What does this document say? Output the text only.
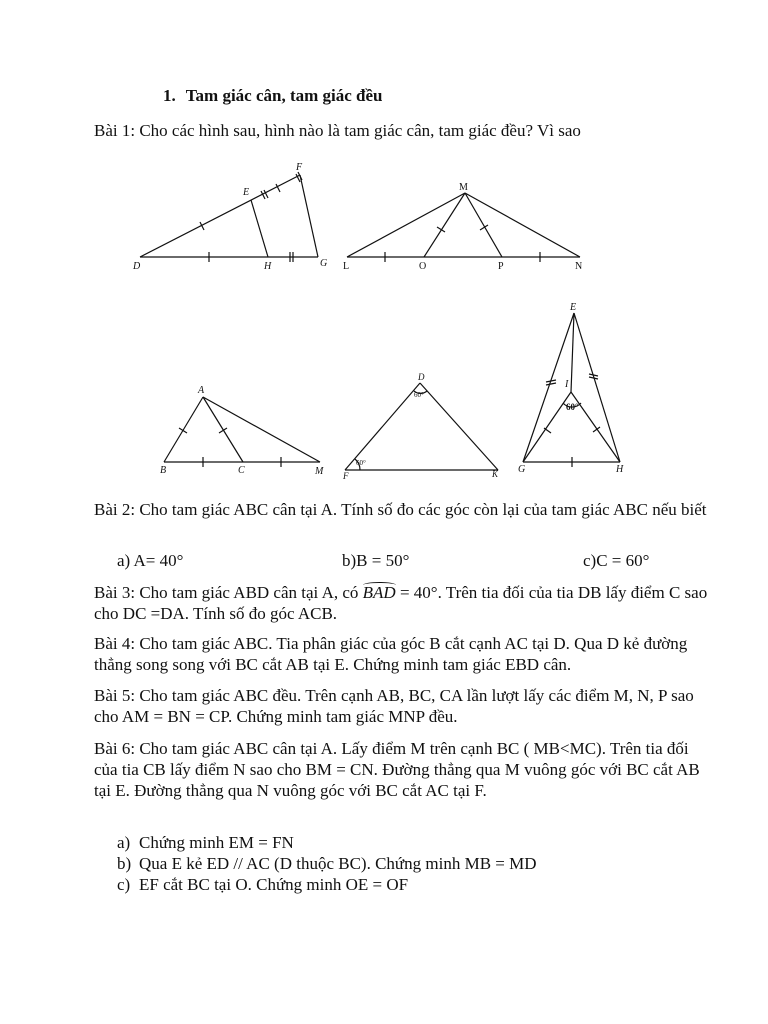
1. Tam giác cân, tam giác đều
Bài 1: Cho các hình sau, hình nào là tam giác cân, tam giác đều? Vì sao
D
E
F
H	G
A
B	C	M
D
F	K
E
I
G	H
M
L	O	P	N
60°
60°
60°
Bài 2: Cho tam giác ABC cân tại A. Tính số đo các góc còn lại của tam giác ABC nếu biết
a) A= 40°	b)B = 50°	c)C = 60°
Bài 3: Cho tam giác ABD cân tại A, có BAD = 40°. Trên tia đối của tia DB lấy điểm C sao cho DC =DA. Tính số đo góc ACB.
Bài 4: Cho tam giác ABC. Tia phân giác của góc B cắt cạnh AC tại D. Qua D kẻ đường thẳng song song với BC cắt AB tại E. Chứng minh tam giác EBD cân.
Bài 5: Cho tam giác ABC đều. Trên cạnh AB, BC, CA lần lượt lấy các điểm M, N, P sao cho AM = BN = CP. Chứng minh tam giác MNP đều.
Bài 6: Cho tam giác ABC cân tại A. Lấy điểm M trên cạnh BC ( MB<MC). Trên tia đối của tia CB lấy điểm N sao cho BM = CN. Đường thẳng qua M vuông góc với BC cắt AB tại E. Đường thẳng qua N vuông góc với BC cắt AC tại F.
a) Chứng minh EM = FN
b) Qua E kẻ ED // AC (D thuộc BC). Chứng minh MB = MD
c) EF cắt BC tại O. Chứng minh OE = OF
